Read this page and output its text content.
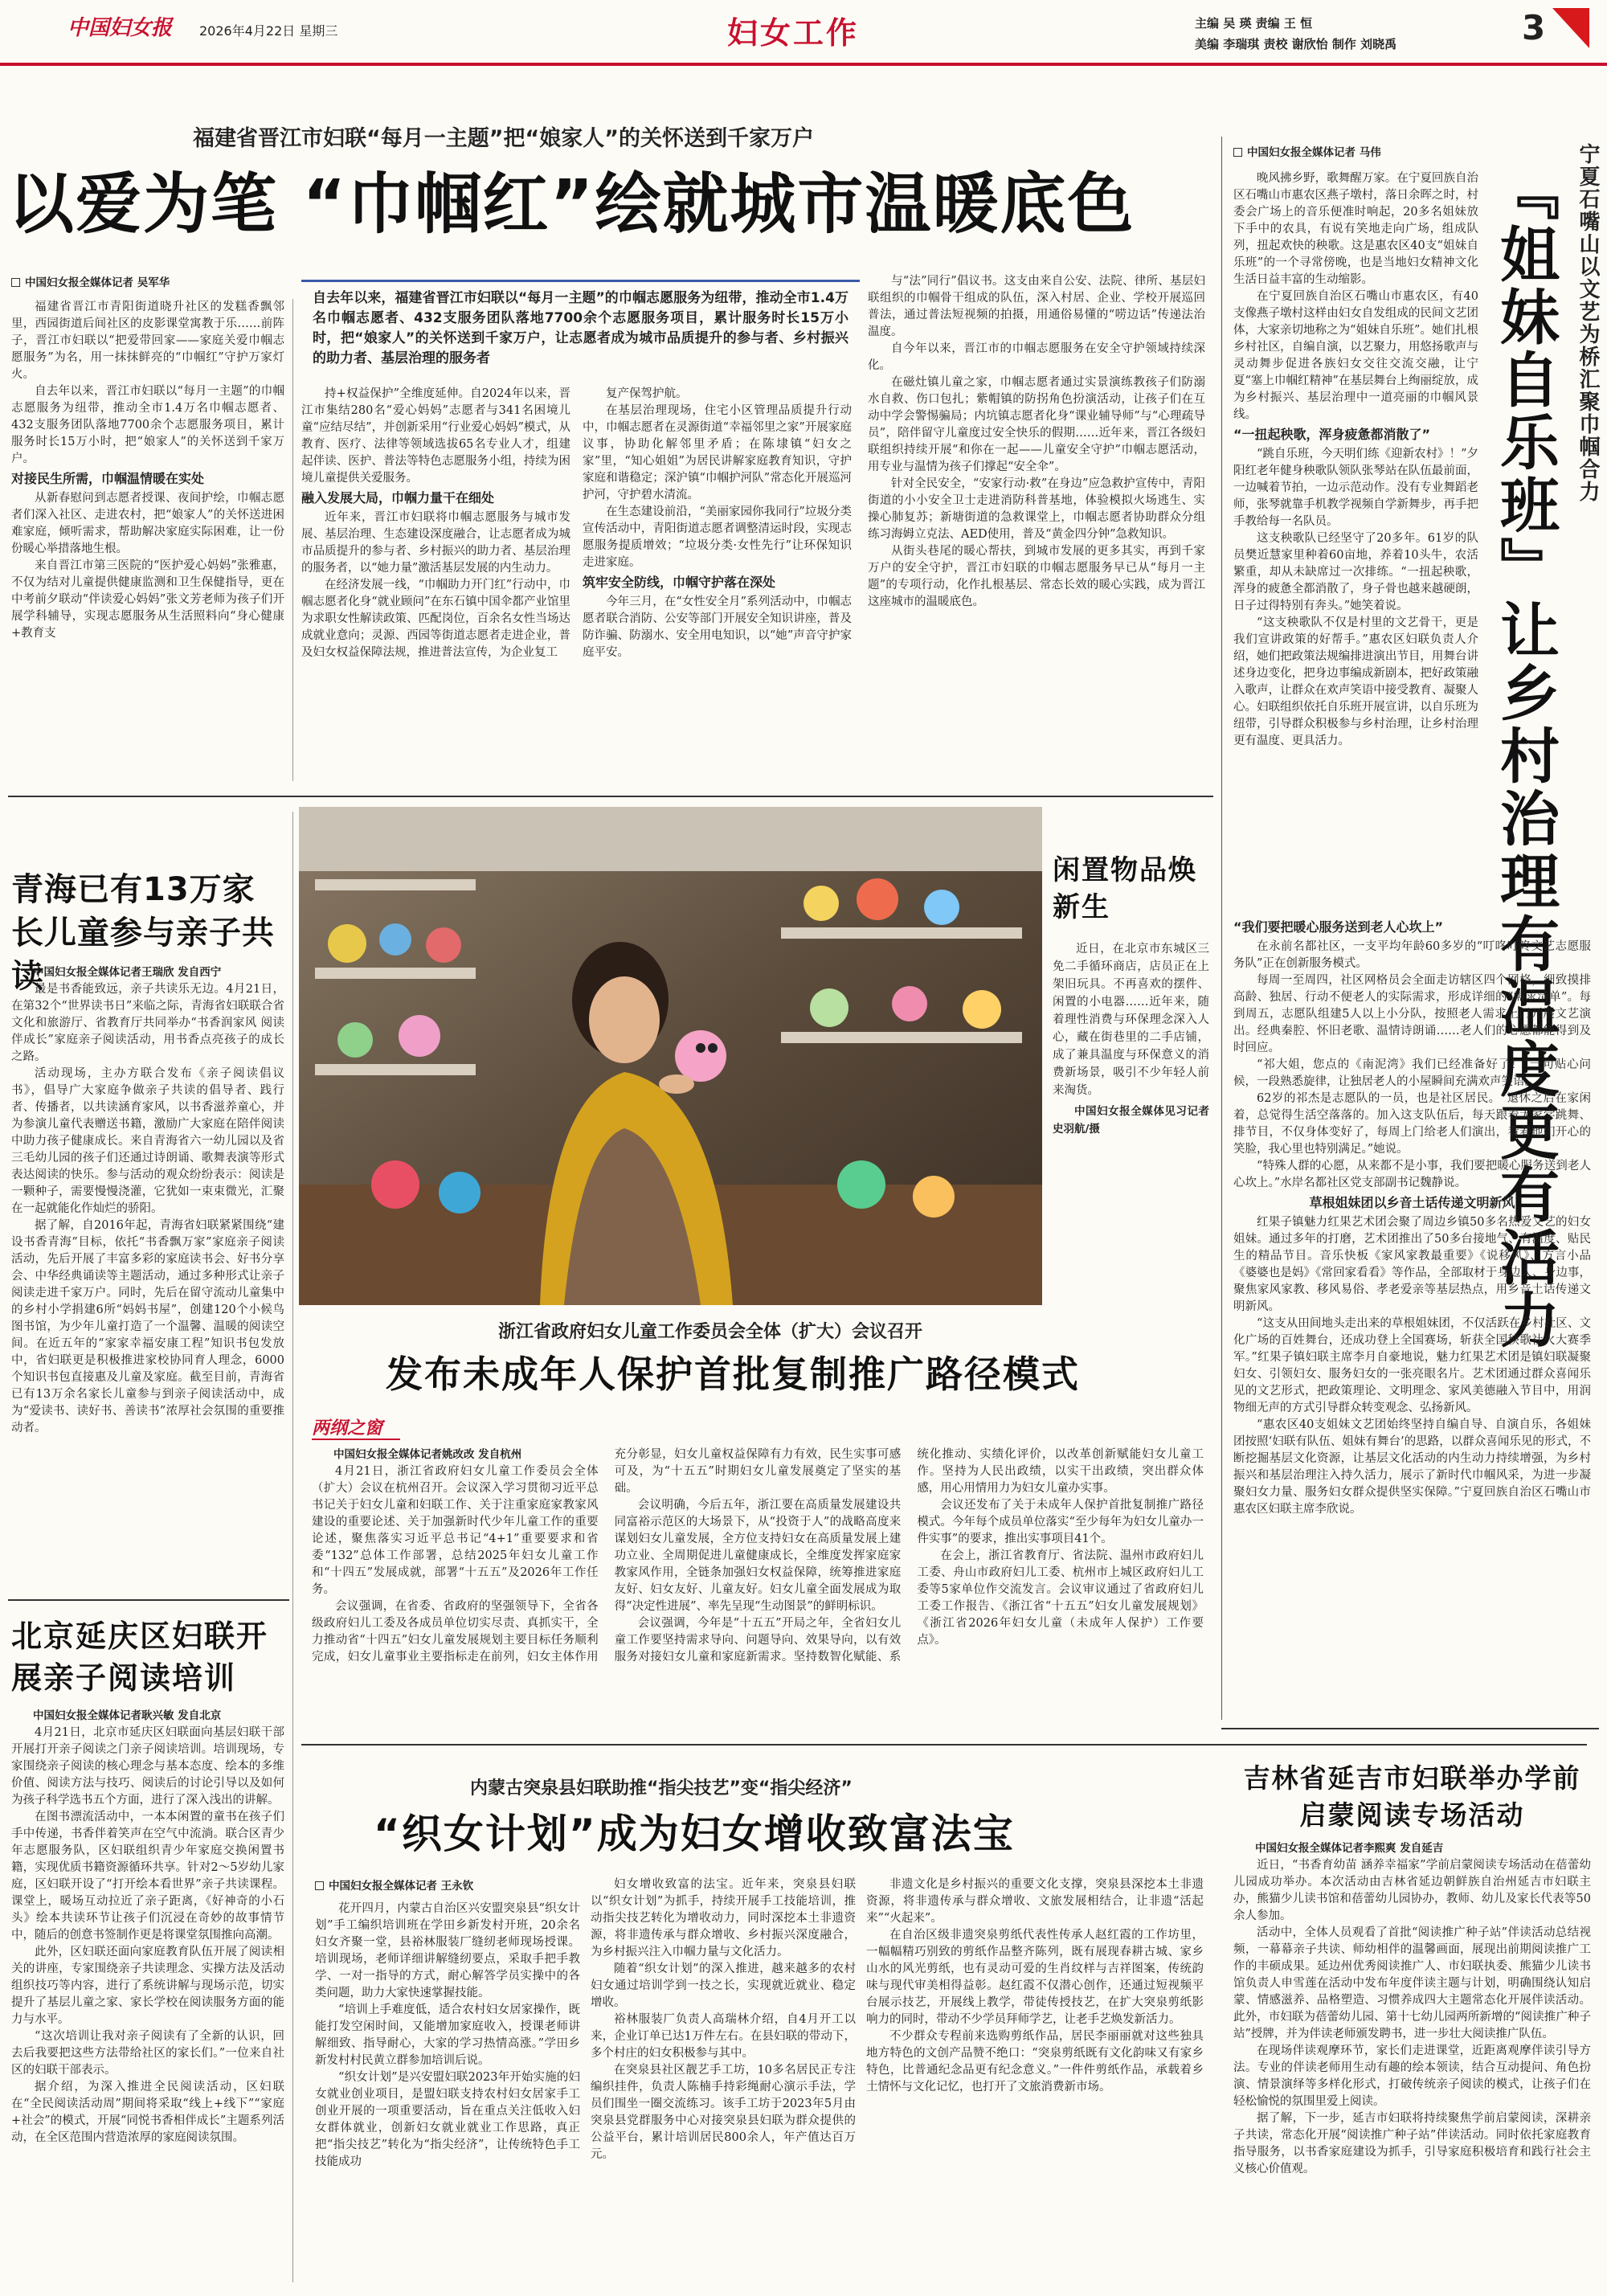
中国妇女报 2026年4月22日 星期三	妇女工作	主编 吴 瑛 责编 王 恒
美编 李瑞琪 责校 谢欣怡 制作 刘晓禹	3
福建省晋江市妇联“每月一主题”把“娘家人”的关怀送到千家万户
以爱为笔 “巾帼红”绘就城市温暖底色
中国妇女报全媒体记者 吴军华
自去年以来，福建省晋江市妇联以“每月一主题”的巾帼志愿服务为纽带，推动全市1.4万名巾帼志愿者、432支服务团队落地7700余个志愿服务项目，累计服务时长15万小时，把“娘家人”的关怀送到千家万户，让志愿者成为城市品质提升的参与者、乡村振兴的助力者、基层治理的服务者

福建省晋江市青阳街道晓升社区的发糕香飘邻里，西园街道后间社区的皮影课堂寓教于乐……前阵子，晋江市妇联以“把爱带回家——家庭关爱巾帼志愿服务”为名，用一抹抹鲜亮的“巾帼红”守护万家灯火。

自去年以来，晋江市妇联以“每月一主题”的巾帼志愿服务为纽带，推动全市1.4万名巾帼志愿者、432支服务团队落地7700余个志愿服务项目，累计服务时长15万小时，把“娘家人”的关怀送到千家万户。

对接民生所需，巾帼温情暖在实处

从新春慰问到志愿者授课、夜间护绘，巾帼志愿者们深入社区、走进农村，把“娘家人”的关怀送进困难家庭，倾听需求，帮助解决家庭实际困难，让一份份暖心举措落地生根。

来自晋江市第三医院的“医护爱心妈妈”张雅惠，不仅为结对儿童提供健康监测和卫生保健指导，更在中考前夕联动“伴读爱心妈妈”张文芳老师为孩子们开展学科辅导，实现志愿服务从生活照料向“身心健康+教育支

持+权益保护”全维度延伸。自2024年以来，晋江市集结280名“爱心妈妈”志愿者与341名困境儿童“应结尽结”，并创新采用“行业爱心妈妈”模式，从教育、医疗、法律等领域选拔65名专业人才，组建起伴读、医护、普法等特色志愿服务小组，持续为困境儿童提供关爱服务。

融入发展大局，巾帼力量干在细处

近年来，晋江市妇联将巾帼志愿服务与城市发展、基层治理、生态建设深度融合，让志愿者成为城市品质提升的参与者、乡村振兴的助力者、基层治理的服务者，以“她力量”激活基层发展的内生动力。

在经济发展一线，“巾帼助力开门红”行动中，巾帼志愿者化身“就业顾问”在东石镇中国伞都产业馆里为求职女性解读政策、匹配岗位，百余名女性当场达成就业意向；灵源、西园等街道志愿者走进企业，普及妇女权益保障法规，推进普法宣传，为企业复工

复产保驾护航。

在基层治理现场，住宅小区管理品质提升行动中，巾帼志愿者在灵源街道“幸福邻里之家”开展家庭议事，协助化解邻里矛盾；在陈埭镇“妇女之家”里，“知心姐姐”为居民讲解家庭教育知识，守护家庭和谐稳定；深沪镇“巾帼护河队”常态化开展巡河护河，守护碧水清流。

在生态建设前沿，“美丽家园你我同行”垃圾分类宣传活动中，青阳街道志愿者调整清运时段，实现志愿服务提质增效；“垃圾分类·女性先行”让环保知识走进家庭。

筑牢安全防线，巾帼守护落在深处

今年三月，在“女性安全月”系列活动中，巾帼志愿者联合消防、公安等部门开展安全知识讲座，普及防诈骗、防溺水、安全用电知识，以“她”声音守护家庭平安。

与“法”同行”倡议书。这支由来自公安、法院、律所、基层妇联组织的巾帼骨干组成的队伍，深入村居、企业、学校开展巡回普法，通过普法短视频的拍摄，用通俗易懂的“唠边话”传递法治温度。

自今年以来，晋江市的巾帼志愿服务在安全守护领域持续深化。

在磁灶镇儿童之家，巾帼志愿者通过实景演练教孩子们防溺水自救、伤口包扎；紫帽镇的防拐角色扮演活动，让孩子们在互动中学会警惕骗局；内坑镇志愿者化身“课业辅导师”与“心理疏导员”，陪伴留守儿童度过安全快乐的假期……近年来，晋江各级妇联组织持续开展“和你在一起——儿童安全守护”巾帼志愿活动，用专业与温情为孩子们撑起“安全伞”。

针对全民安全，“安家行动·救”在身边”应急救护宣传中，青阳街道的小小安全卫士走进消防科普基地，体验模拟火场逃生、实操心肺复苏；新塘街道的急救课堂上，巾帼志愿者协助群众分组练习海姆立克法、AED使用，普及“黄金四分钟”急救知识。

从街头巷尾的暖心帮扶，到城市发展的更多其实，再到千家万户的安全守护，晋江市妇联的巾帼志愿服务早已从“每月一主题”的专项行动，化作扎根基层、常态长效的暖心实践，成为晋江这座城市的温暖底色。

中国妇女报全媒体记者 马伟	宁夏石嘴山以文艺为桥汇聚巾帼合力
『姐妹自乐班』让乡村治理有温度更有活力

晚风拂乡野，歌舞醒万家。在宁夏回族自治区石嘴山市惠农区燕子墩村，落日余晖之时，村委会广场上的音乐便准时响起，20多名姐妹放下手中的农具，有说有笑地走向广场，组成队列，扭起欢快的秧歌。这是惠农区40支“姐妹自乐班”的一个寻常傍晚，也是当地妇女精神文化生活日益丰富的生动缩影。

在宁夏回族自治区石嘴山市惠农区，有40支像燕子墩村这样由妇女自发组成的民间文艺团体，大家亲切地称之为“姐妹自乐班”。她们扎根乡村社区，自编自演，以艺聚力，用悠扬歌声与灵动舞步促进各族妇女交往交流交融，让宁夏“塞上巾帼红精神”在基层舞台上绚丽绽放，成为乡村振兴、基层治理中一道亮丽的巾帼风景线。

“一扭起秧歌，浑身疲惫都消散了”

“跳自乐班，今天明们练《迎新农村》！”夕阳红老年健身秧歌队领队张琴站在队伍最前面，一边喊着节拍，一边示范动作。没有专业舞蹈老师，张琴就靠手机教学视频自学新舞步，再手把手教给每一名队员。

这支秧歌队已经坚守了20多年。61岁的队员樊近慧家里种着60亩地，养着10头牛，农活繁重，却从未缺席过一次排练。“一扭起秧歌，浑身的疲惫全都消散了，身子骨也越来越硬朗，日子过得特别有奔头。”她笑着说。

“这支秧歌队不仅是村里的文艺骨干，更是我们宣讲政策的好帮手。”惠农区妇联负责人介绍，她们把政策法规编排进演出节目，用舞台讲述身边变化，把身边事编成新剧本，把好政策融入歌声，让群众在欢声笑语中接受教育、凝聚人心。妇联组织依托自乐班开展宣讲，以自乐班为纽带，引导群众积极参与乡村治理，让乡村治理更有温度、更具活力。

“我们要把暖心服务送到老人心坎上”

在永前名都社区，一支平均年龄60多岁的“叮咚叮咚文艺志愿服务队”正在创新服务模式。

每周一至周四，社区网格员会全面走访辖区四个网格，细致摸排高龄、独居、行动不便老人的实际需求，形成详细的“需求清单”。每到周五，志愿队组建5人以上小分队，按照老人需求上门开展文艺演出。经典秦腔、怀旧老歌、温情诗朗诵……老人们的心愿都能得到及时回应。

“祁大姐，您点的《南泥湾》我们已经准备好了！”一句贴心问候，一段熟悉旋律，让独居老人的小屋瞬间充满欢声笑语。

62岁的祁杰是志愿队的一员，也是社区居民。“退休之后在家闲着，总觉得生活空落落的。加入这支队伍后，每天跟着大家学跳舞、排节目，不仅身体变好了，每周上门给老人们演出，看着他们开心的笑脸，我心里也特别满足。”她说。

“特殊人群的心愿，从来都不是小事，我们要把暖心服务送到老人心坎上。”水岸名都社区党支部副书记魏静说。

草根姐妹团以乡音土话传递文明新风

红果子镇魅力红果艺术团会聚了周边乡镇50多名热爱文艺的妇女姐妹。通过多年的打磨，艺术团推出了50多台接地气、有温度、贴民生的精品节目。音乐快板《家风家教最重要》《说移风》、方言小品《婆婆也是妈》《常回家看看》等作品，全部取材于身边人、身边事，聚焦家风家教、移风易俗、孝老爱亲等基层热点，用乡音土话传递文明新风。

“这支从田间地头走出来的草根姐妹团，不仅活跃在乡村社区、文化广场的百姓舞台，还成功登上全国赛场，斩获全国秧歌社火大赛季军。”红果子镇妇联主席李月自豪地说，魅力红果艺术团是镇妇联凝聚妇女、引领妇女、服务妇女的一张亮眼名片。艺术团通过群众喜闻乐见的文艺形式，把政策理论、文明理念、家风美德融入节目中，用润物细无声的方式引导群众转变观念、弘扬新风。

“惠农区40支姐妹文艺团始终坚持自编自导、自演自乐，各姐妹团按照‘妇联有队伍、姐妹有舞台’的思路，以群众喜闻乐见的形式，不断挖掘基层文化资源，让基层文化活动的内生动力持续增强，为乡村振兴和基层治理注入持久活力，展示了新时代巾帼风采，为进一步凝聚妇女力量、服务妇女群众提供坚实保障。”宁夏回族自治区石嘴山市惠农区妇联主席李欣说。

青海已有13万家长儿童参与亲子共读

中国妇女报全媒体记者王瑞欣 发自西宁

最是书香能致远，亲子共读乐无边。4月21日，在第32个“世界读书日”来临之际，青海省妇联联合省文化和旅游厅、省教育厅共同举办“书香润家风 阅读伴成长”家庭亲子阅读活动，用书香点亮孩子的成长之路。

活动现场，主办方联合发布《亲子阅读倡议书》，倡导广大家庭争做亲子共读的倡导者、践行者、传播者，以共读涵育家风，以书香滋养童心，并为参演儿童代表赠送书籍，激励广大家庭在陪伴阅读中助力孩子健康成长。来自青海省六一幼儿园以及省三毛幼儿园的孩子们还通过诗朗诵、歌舞表演等形式表达阅读的快乐。参与活动的观众纷纷表示：阅读是一颗种子，需要慢慢浇灌，它犹如一束束微光，汇聚在一起就能化作灿烂的骄阳。

据了解，自2016年起，青海省妇联紧紧围绕“建设书香青海”目标，依托“书香飘万家”家庭亲子阅读活动，先后开展了丰富多彩的家庭读书会、好书分享会、中华经典诵读等主题活动，通过多种形式让亲子阅读走进千家万户。同时，先后在留守流动儿童集中的乡村小学捐建6所“妈妈书屋”，创建120个小候鸟图书馆，为少年儿童打造了一个温馨、温暖的阅读空间。在近五年的“家家幸福安康工程”知识书包发放中，省妇联更是积极推进家校协同育人理念，6000个知识书包直接惠及儿童及家庭。截至目前，青海省已有13万余名家长儿童参与到亲子阅读活动中，成为“爱读书、读好书、善读书”浓厚社会氛围的重要推动者。

闲置物品焕新生

近日，在北京市东城区三免二手循环商店，店员正在上架旧玩具。不再喜欢的摆件、闲置的小电器……近年来，随着理性消费与环保理念深入人心，藏在街巷里的二手店铺，成了兼具温度与环保意义的消费新场景，吸引不少年轻人前来淘货。

中国妇女报全媒体见习记者 史羽航/摄

浙江省政府妇女儿童工作委员会全体（扩大）会议召开
发布未成年人保护首批复制推广路径模式
两纲之窗

中国妇女报全媒体记者姚改改 发自杭州

4月21日，浙江省政府妇女儿童工作委员会全体（扩大）会议在杭州召开。会议深入学习贯彻习近平总书记关于妇女儿童和妇联工作、关于注重家庭家教家风建设的重要论述、关于加强新时代少年儿童工作的重要论述，聚焦落实习近平总书记“4+1”重要要求和省委“132”总体工作部署，总结2025年妇女儿童工作和“十四五”发展成就，部署“十五五”及2026年工作任务。

会议强调，在省委、省政府的坚强领导下，全省各级政府妇儿工委及各成员单位切实尽责、真抓实干，全力推动省“十四五”妇女儿童发展规划主要目标任务顺利完成，妇女儿童事业主要指标走在前列，妇女主体作用充分彰显，妇女儿童权益保障有力有效，民生实事可感可及，为“十五五”时期妇女儿童发展奠定了坚实的基础。

会议明确，今后五年，浙江要在高质量发展建设共同富裕示范区的大场景下，从“投资于人”的战略高度来谋划妇女儿童发展，全方位支持妇女在高质量发展上建功立业、全周期促进儿童健康成长，全维度发挥家庭家教家风作用，全链条加强妇女权益保障，统筹推进家庭友好、妇女友好、儿童友好。妇女儿童全面发展成为取得“决定性进展”、率先呈现“生动图景”的鲜明标识。

会议强调，今年是“十五五”开局之年，全省妇女儿童工作要坚持需求导向、问题导向、效果导向，以有效服务对接妇女儿童和家庭新需求。坚持数智化赋能、系统化推动、实绩化评价，以改革创新赋能妇女儿童工作。坚持为人民出政绩，以实干出政绩，突出群众体感，用心用情用力为妇女儿童办实事。

会议还发布了关于未成年人保护首批复制推广路径模式。今年每个成员单位落实“至少每年为妇女儿童办一件实事”的要求，推出实事项目41个。

在会上，浙江省教育厅、省法院、温州市政府妇儿工委、舟山市政府妇儿工委、杭州市上城区政府妇儿工委等5家单位作交流发言。会议审议通过了省政府妇儿工委工作报告、《浙江省“十五五”妇女儿童发展规划》《浙江省2026年妇女儿童（未成年人保护）工作要点》。

北京延庆区妇联开展亲子阅读培训

中国妇女报全媒体记者耿兴敏 发自北京

4月21日，北京市延庆区妇联面向基层妇联干部开展打开亲子阅读之门亲子阅读培训。培训现场，专家围绕亲子阅读的核心理念与基本态度、绘本的多维价值、阅读方法与技巧、阅读后的讨论引导以及如何为孩子科学选书五个方面，进行了深入浅出的讲解。

在图书漂流活动中，一本本闲置的童书在孩子们手中传递，书香伴着笑声在空气中流淌。联合区青少年志愿服务队，区妇联组织青少年家庭交换闲置书籍，实现优质书籍资源循环共享。针对2～5岁幼儿家庭，区妇联开设了“打开绘本看世界”亲子共读课程。课堂上，暖场互动拉近了亲子距离，《好神奇的小石头》绘本共读环节让孩子们沉浸在奇妙的故事情节中，随后的创意书签制作更是将课堂氛围推向高潮。

此外，区妇联还面向家庭教育队伍开展了阅读相关的讲座，专家围绕亲子共读理念、实操方法及活动组织技巧等内容，进行了系统讲解与现场示范，切实提升了基层儿童之家、家长学校在阅读服务方面的能力与水平。

“这次培训让我对亲子阅读有了全新的认识，回去后我要把这些方法带给社区的家长们。”一位来自社区的妇联干部表示。

据介绍，为深入推进全民阅读活动，区妇联在“全民阅读活动周”期间将采取“线上+线下”“家庭+社会”的模式，开展“同悦书香相伴成长”主题系列活动，在全区范围内营造浓厚的家庭阅读氛围。

内蒙古突泉县妇联助推“指尖技艺”变“指尖经济”
“织女计划”成为妇女增收致富法宝
中国妇女报全媒体记者 王永钦

花开四月，内蒙古自治区兴安盟突泉县“织女计划”手工编织培训班在学田乡新发村开班，20余名妇女齐聚一堂，县裕林服装厂缝纫老师现场授课。培训现场，老师详细讲解缝纫要点，采取手把手教学、一对一指导的方式，耐心解答学员实操中的各类问题，助力大家快速掌握技能。

“培训上手难度低，适合农村妇女居家操作，既能打发空闲时间，又能增加家庭收入，授课老师讲解细致、指导耐心，大家的学习热情高涨。”学田乡新发村村民黄立群参加培训后说。

“织女计划”是兴安盟妇联2023年开始实施的妇女就业创业项目，是盟妇联支持农村妇女居家手工创业开展的一项重要活动，旨在重点关注低收入妇女群体就业，创新妇女就业就业工作思路，真正把“指尖技艺”转化为“指尖经济”，让传统特色手工技能成功

妇女增收致富的法宝。近年来，突泉县妇联以“织女计划”为抓手，持续开展手工技能培训，推动指尖技艺转化为增收动力，同时深挖本土非遗资源，将非遗传承与群众增收、乡村振兴深度融合，为乡村振兴注入巾帼力量与文化活力。

随着“织女计划”的深入推进，越来越多的农村妇女通过培训学到一技之长，实现就近就业、稳定增收。

裕林服装厂负责人高瑞林介绍，自4月开工以来，企业订单已达1万件左右。在县妇联的带动下，多个村庄的妇女积极参与其中。

在突泉县社区靓艺手工坊，10多名居民正专注编织挂件，负责人陈楠手持彩绳耐心演示手法，学员们围坐一圈交流练习。该手工坊于2023年5月由突泉县党群服务中心对接突泉县妇联为群众提供的公益平台，累计培训居民800余人，年产值达百万元。

非遗文化是乡村振兴的重要文化支撑，突泉县深挖本土非遗资源，将非遗传承与群众增收、文旅发展相结合，让非遗“活起来”“火起来”。

在自治区级非遗突泉剪纸代表性传承人赵红霞的工作坊里，一幅幅精巧别致的剪纸作品整齐陈列，既有展现春耕古城、家乡山水的风光剪纸，也有灵动可爱的生肖纹样与吉祥图案，传统韵味与现代审美相得益彰。赵红霞不仅潜心创作，还通过短视频平台展示技艺，开展线上教学，带徒传授技艺，在扩大突泉剪纸影响力的同时，带动不少学员拜师学艺，让老手艺焕发新活力。

不少群众专程前来选购剪纸作品，居民李丽丽就对这些独具地方特色的文创产品赞不绝口：“突泉剪纸既有文化韵味又有家乡特色，比普通纪念品更有纪念意义。”一件件剪纸作品，承载着乡土情怀与文化记忆，也打开了文旅消费新市场。

吉林省延吉市妇联举办学前启蒙阅读专场活动

中国妇女报全媒体记者李熙爽 发自延吉

近日，“书香育幼苗 涵养幸福家”学前启蒙阅读专场活动在蓓蕾幼儿园成功举办。本次活动由吉林省延边朝鲜族自治州延吉市妇联主办，熊猫少儿读书馆和蓓蕾幼儿园协办，教师、幼儿及家长代表等50余人参加。

活动中，全体人员观看了首批“阅读推广种子站”伴读活动总结视频，一幕幕亲子共读、师幼相伴的温馨画面，展现出前期阅读推广工作的丰硕成果。延边州优秀阅读推广人、市妇联执委、熊猫少儿读书馆负责人申雪莲在活动中发布年度伴读主题与计划，明确围绕认知启蒙、情感滋养、品格塑造、习惯养成四大主题常态化开展伴读活动。此外，市妇联为蓓蕾幼儿园、第十七幼儿园两所新增的“阅读推广种子站”授牌，并为伴读老师颁发聘书，进一步壮大阅读推广队伍。

在现场伴读观摩环节，家长们走进课堂，近距离观摩伴读引导方法。专业的伴读老师用生动有趣的绘本领读，结合互动提问、角色扮演、情景演绎等多样化形式，打破传统亲子阅读的模式，让孩子们在轻松愉悦的氛围里爱上阅读。

据了解，下一步，延吉市妇联将持续聚焦学前启蒙阅读，深耕亲子共读，常态化开展“阅读推广种子站”伴读活动。同时依托家庭教育指导服务，以书香家庭建设为抓手，引导家庭积极培育和践行社会主义核心价值观。
